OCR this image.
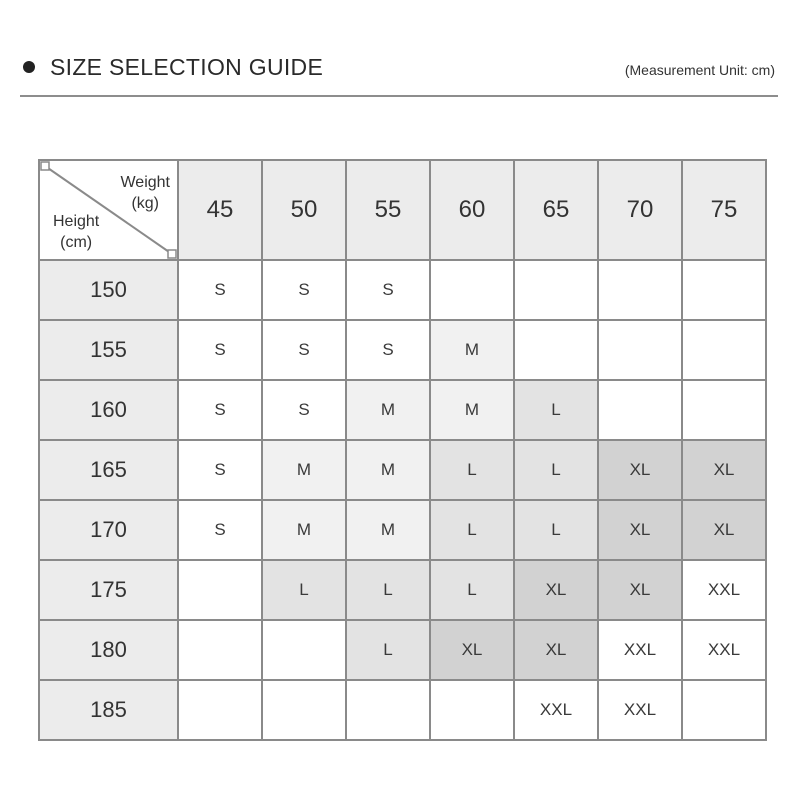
SIZE SELECTION GUIDE	(Measurement Unit: cm)
Weight
(kg)
Height
(cm)	45	50	55	60	65	70	75
150	S	S	S				
155	S	S	S	M			
160	S	S	M	M	L		
165	S	M	M	L	L	XL	XL
170	S	M	M	L	L	XL	XL
175		L	L	L	XL	XL	XXL
180			L	XL	XL	XXL	XXL
185					XXL	XXL	
